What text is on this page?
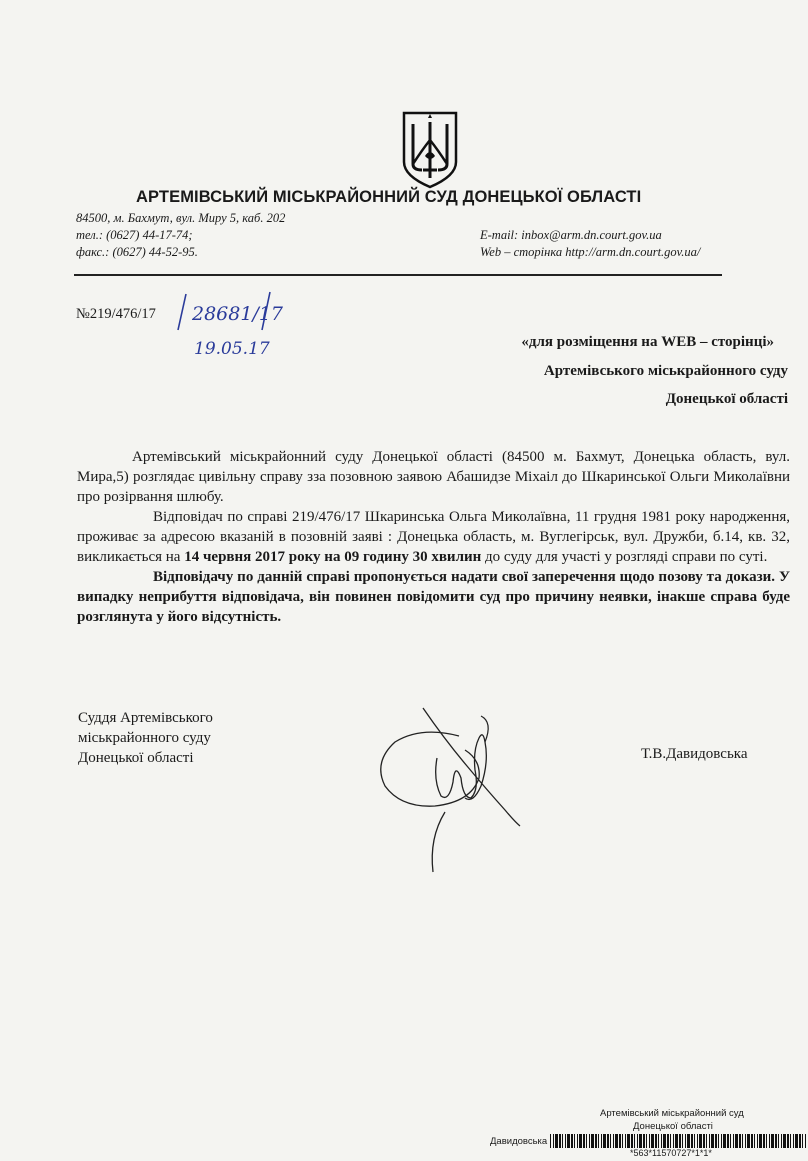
АРТЕМІВСЬКИЙ МІСЬКРАЙОННИЙ СУД ДОНЕЦЬКОЇ ОБЛАСТІ
84500, м. Бахмут, вул. Миру 5, каб. 202
тел.: (0627) 44-17-74;
факс.: (0627) 44-52-95.
E-mail: inbox@arm.dn.court.gov.ua
Web – сторінка http://arm.dn.court.gov.ua/
№219/476/17 28681/17
19.05.17	«для розміщення на WEB – сторінці»
Артемівського міськрайонного суду
Донецької області

Артемівський міськрайонний суду Донецької області (84500 м. Бахмут, Донецька область, вул. Мира,5) розглядає цивільну справу зза позовною заявою Абашидзе Міхаіл до Шкаринської Ольги Миколаївни про розірвання шлюбу.

Відповідач по справі 219/476/17 Шкаринська Ольга Миколаївна, 11 грудня 1981 року народження, проживає за адресою вказаній в позовній заяві : Донецька область, м. Вуглегірськ, вул. Дружби, б.14, кв. 32, викликається на 14 червня 2017 року на 09 годину 30 хвилин до суду для участі у розгляді справи по суті.

Відповідачу по данній справі пропонується надати свої заперечення щодо позову та докази. У випадку неприбуття відповідача, він повинен повідомити суд про причину неявки, інакше справа буде розглянута у його відсутність.

Суддя Артемівського
міськрайонного суду
Донецької області	Т.В.Давидовська
Артемівський міськрайонний суд
Донецької області
Давидовська
*563*11570727*1*1*
